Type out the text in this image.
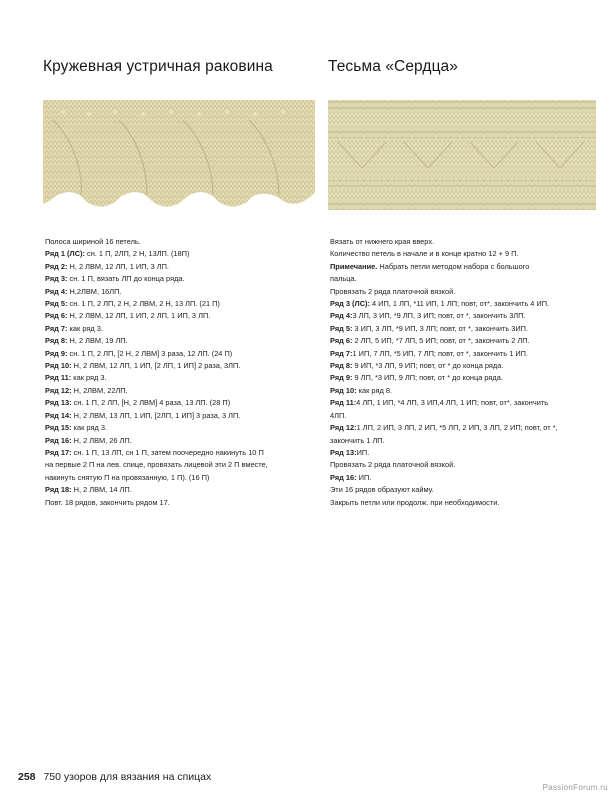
Кружевная устричная раковина

Полоса шириной 16 петель.

Ряд 1 (ЛС): сн. 1 П, 2ЛП, 2 Н, 13ЛП. (18П)

Ряд 2: Н, 2 ЛВМ, 12 ЛП, 1 ИП, 3 ЛП.

Ряд 3: сн. 1 П, вязать ЛП до конца ряда.

Ряд 4: Н,2ЛВМ, 16ЛП.

Ряд 5: сн. 1 П, 2 ЛП, 2 Н, 2 ЛВМ, 2 Н, 13 ЛП. (21 П)

Ряд 6: Н, 2 ЛВМ, 12 ЛП, 1 ИП, 2 ЛП, 1 ИП, 3 ЛП.

Ряд 7: как ряд 3.

Ряд 8: Н, 2 ЛВМ, 19 ЛП.

Ряд 9: сн. 1 П, 2 ЛП, [2 Н, 2 ЛВМ] 3 раза, 12 ЛП. (24 П)

Ряд 10: Н, 2 ЛВМ, 12 ЛП, 1 ИП, [2 ЛП, 1 ИП] 2 раза, 3ЛП.

Ряд 11: как ряд 3.

Ряд 12: Н, 2ЛВМ, 22ЛП.

Ряд 13: сн. 1 П, 2 ЛП, [Н, 2 ЛВМ] 4 раза, 13 ЛП. (28 П)

Ряд 14: Н, 2 ЛВМ, 13 ЛП, 1 ИП, [2ЛП, 1 ИП] 3 раза, 3 ЛП.

Ряд 15: как ряд 3.

Ряд 16: Н, 2 ЛВМ, 26 ЛП.

Ряд 17: сн. 1 П, 13 ЛП, сн 1 П, затем поочередно накинуть 10 П

на первые 2 П на лев. спице, провязать лицевой эти 2 П вместе,

накинуть снятую П на провязанную, 1 П). (16 П)

Ряд 18: Н, 2 ЛВМ, 14 ЛП.

Повт. 18 рядов, закончить рядом 17.

Тесьма «Сердца»

Вязать от нижнего края вверх.

Количество петель в начале и в конце кратно 12 + 9 П.

Примечание. Набрать петли методом набора с большого

пальца.

Провязать 2 ряда платочной вязкой.

Ряд 3 (ЛС): 4 ИП, 1 ЛП, *11 ИП, 1 ЛП; повт, от*, закончить 4 ИП.

Ряд 4:3 ЛП, 3 ИП, *9 ЛП, 3 ИП; повт, от *, закончить 3ЛП.

Ряд 5: 3 ИП, 3 ЛП, *9 ИП, 3 ЛП; повт, от *, закончить 3ИП.

Ряд 6: 2 ЛП, 5 ИП, *7 ЛП, 5 ИП; повт, от *, закончить 2 ЛП.

Ряд 7:1 ИП, 7 ЛП, *5 ИП, 7 ЛП; повт, от *, закончить 1 ИП.

Ряд 8: 9 ИП, *3 ЛП, 9 ИП; повт, от * до конца ряда.

Ряд 9: 9 ЛП, *3 ИП, 9 ЛП; повт, от * до конца ряда.

Ряд 10: как ряд 8.

Ряд 11:4 ЛП, 1 ИП, *4 ЛП, 3 ИП,4 ЛП, 1 ИП; повт, от*, закончить

4ЛП.

Ряд 12:1 ЛП, 2 ИП, 3 ЛП, 2 ИП, *5 ЛП, 2 ИП, 3 ЛП, 2 ИП; повт, от *,

закончить 1 ЛП.

Ряд 13:ИП.

Провязать 2 ряда платочной вязкой.

Ряд 16: ИП.

Эти 16 рядов образуют кайму.

Закрыть петли или продолж. при необходимости.

258 750 узоров для вязания на спицах
PassionForum.ru
